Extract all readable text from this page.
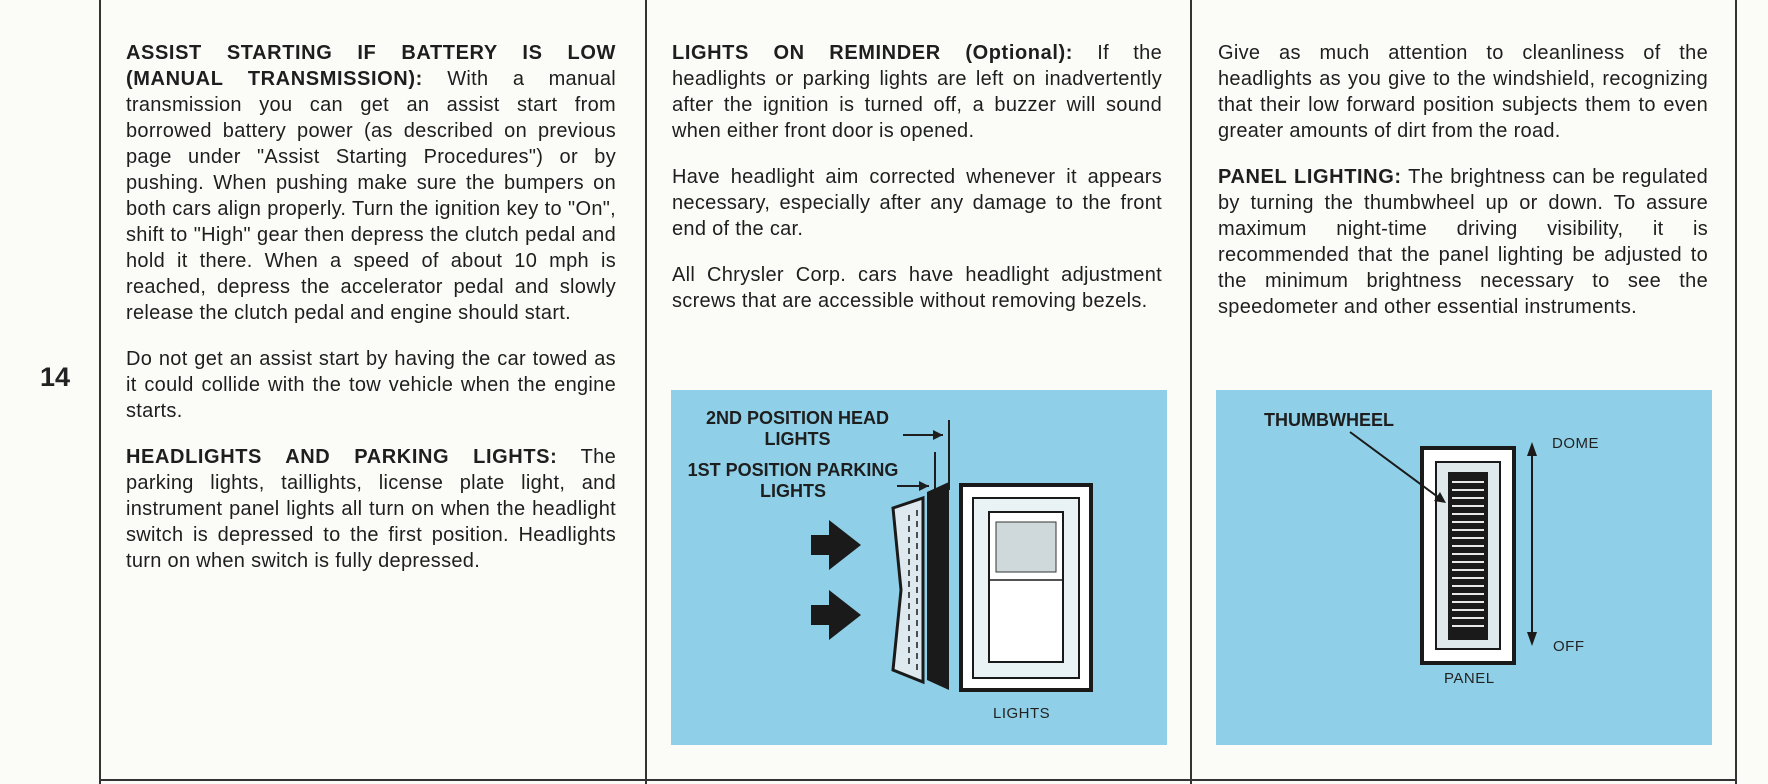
14

ASSIST STARTING IF BATTERY IS LOW (MANUAL TRANSMISSION): With a manual transmission you can get an assist start from borrowed battery power (as described on previous page under "Assist Starting Procedures") or by pushing. When pushing make sure the bumpers on both cars align properly. Turn the ignition key to "On", shift to "High" gear then depress the clutch pedal and hold it there. When a speed of about 10 mph is reached, depress the accelerator pedal and slowly release the clutch pedal and engine should start.

Do not get an assist start by having the car towed as it could collide with the tow vehicle when the engine starts.

HEADLIGHTS AND PARKING LIGHTS: The parking lights, taillights, license plate light, and instrument panel lights all turn on when the headlight switch is depressed to the first position. Headlights turn on when switch is fully depressed.

LIGHTS ON REMINDER (Optional): If the headlights or parking lights are left on inadvertently after the ignition is turned off, a buzzer will sound when either front door is opened.

Have headlight aim corrected whenever it appears necessary, especially after any damage to the front end of the car.

All Chrysler Corp. cars have headlight adjustment screws that are accessible without removing bezels.

Give as much attention to cleanliness of the headlights as you give to the windshield, recognizing that their low forward position subjects them to even greater amounts of dirt from the road.

PANEL LIGHTING: The brightness can be regulated by turning the thumbwheel up or down. To assure maximum night-time driving visibility, it is recommended that the panel lighting be adjusted to the minimum brightness necessary to see the speedometer and other essential instruments.

2ND POSITION HEAD LIGHTS
1ST POSITION PARKING LIGHTS
LIGHTS
THUMBWHEEL
DOME
OFF
PANEL
